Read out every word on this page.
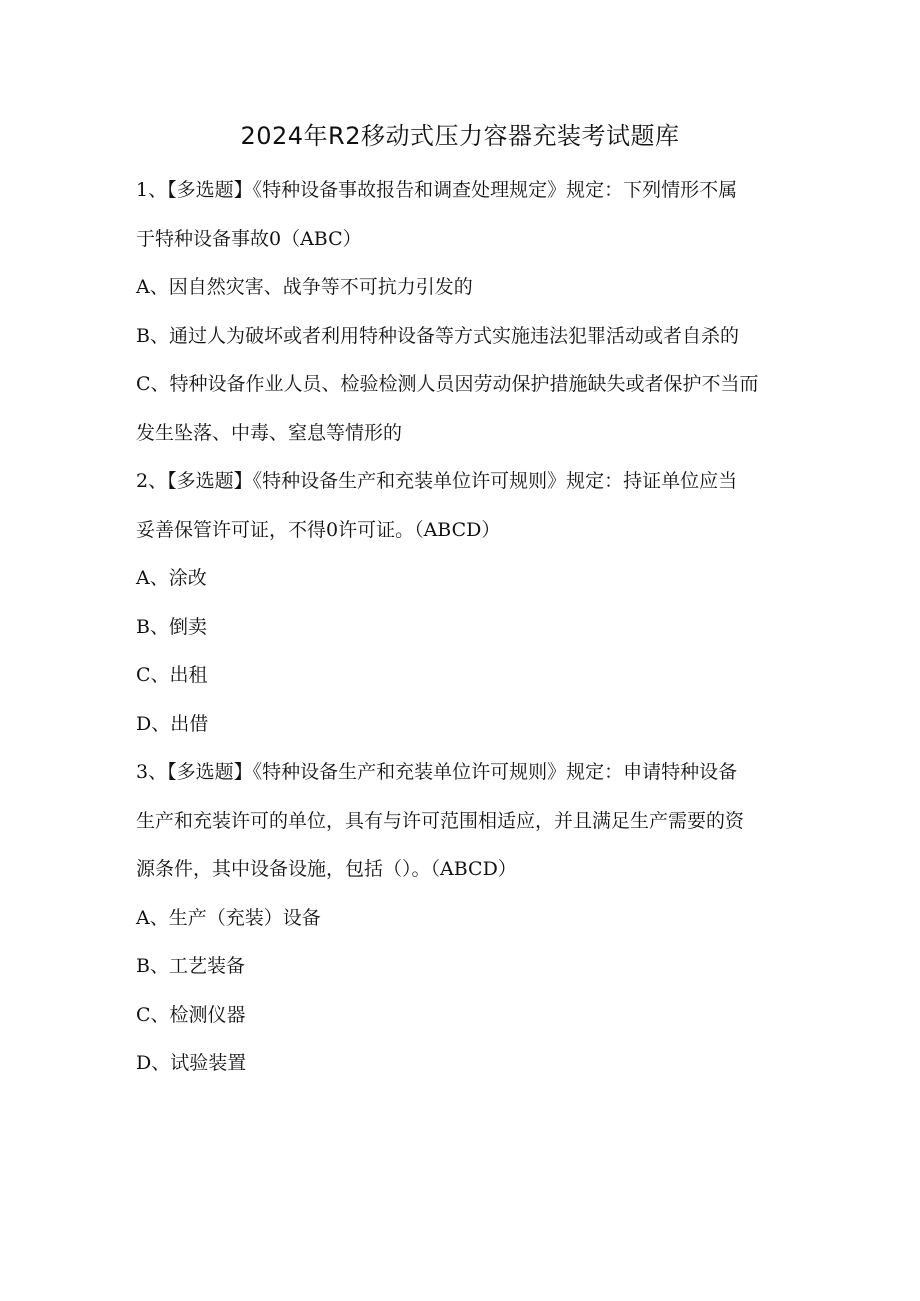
2024年R2移动式压力容器充装考试题库
1、【多选题】《特种设备事故报告和调查处理规定》规定：下列情形不属
于特种设备事故0（ABC）
A、因自然灾害、战争等不可抗力引发的
B、通过人为破坏或者利用特种设备等方式实施违法犯罪活动或者自杀的
C、特种设备作业人员、检验检测人员因劳动保护措施缺失或者保护不当而
发生坠落、中毒、窒息等情形的
2、【多选题】《特种设备生产和充装单位许可规则》规定：持证单位应当
妥善保管许可证，不得0许可证。（ABCD）
A、涂改
B、倒卖
C、出租
D、出借
3、【多选题】《特种设备生产和充装单位许可规则》规定：申请特种设备
生产和充装许可的单位，具有与许可范围相适应，并且满足生产需要的资
源条件，其中设备设施，包括（）。（ABCD）
A、生产（充装）设备
B、工艺装备
C、检测仪器
D、试验装置
